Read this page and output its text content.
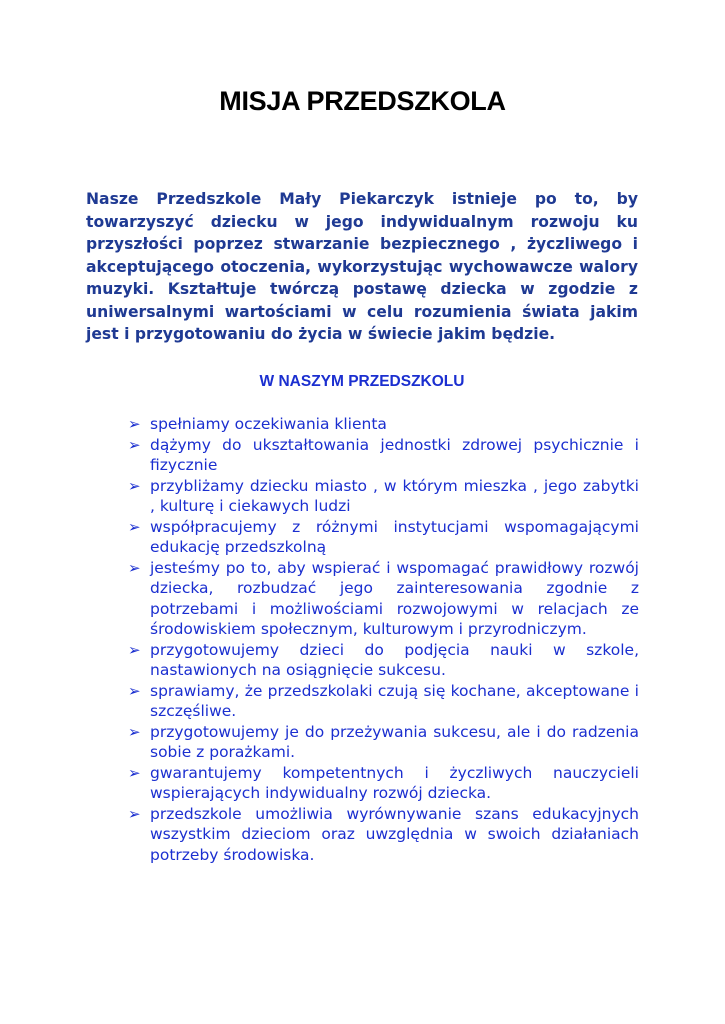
MISJA PRZEDSZKOLA

Nasze Przedszkole Mały Piekarczyk istnieje po to, by towarzyszyć dziecku w jego indywidualnym rozwoju ku przyszłości poprzez stwarzanie bezpiecznego , życzliwego i akceptującego otoczenia, wykorzystując wychowawcze walory muzyki. Kształtuje twórczą postawę dziecka w zgodzie z uniwersalnymi wartościami w celu rozumienia świata jakim jest i przygotowaniu do życia w świecie jakim będzie.

W NASZYM PRZEDSZKOLU
➢ spełniamy oczekiwania klienta
➢ dążymy do ukształtowania jednostki zdrowej psychicznie i fizycznie
➢ przybliżamy dziecku miasto , w którym mieszka , jego zabytki , kulturę i ciekawych ludzi
➢ współpracujemy z różnymi instytucjami wspomagającymi edukację przedszkolną
➢ jesteśmy po to, aby wspierać i wspomagać prawidłowy rozwój dziecka, rozbudzać jego zainteresowania zgodnie z potrzebami i możliwościami rozwojowymi w relacjach ze środowiskiem społecznym, kulturowym i przyrodniczym.
➢ przygotowujemy dzieci do podjęcia nauki w szkole, nastawionych na osiągnięcie sukcesu.
➢ sprawiamy, że przedszkolaki czują się kochane, akceptowane i szczęśliwe.
➢ przygotowujemy je do przeżywania sukcesu, ale i do radzenia sobie z porażkami.
➢ gwarantujemy kompetentnych i życzliwych nauczycieli wspierających indywidualny rozwój dziecka.
➢ przedszkole umożliwia wyrównywanie szans edukacyjnych wszystkim dzieciom oraz uwzględnia w swoich działaniach potrzeby środowiska.
